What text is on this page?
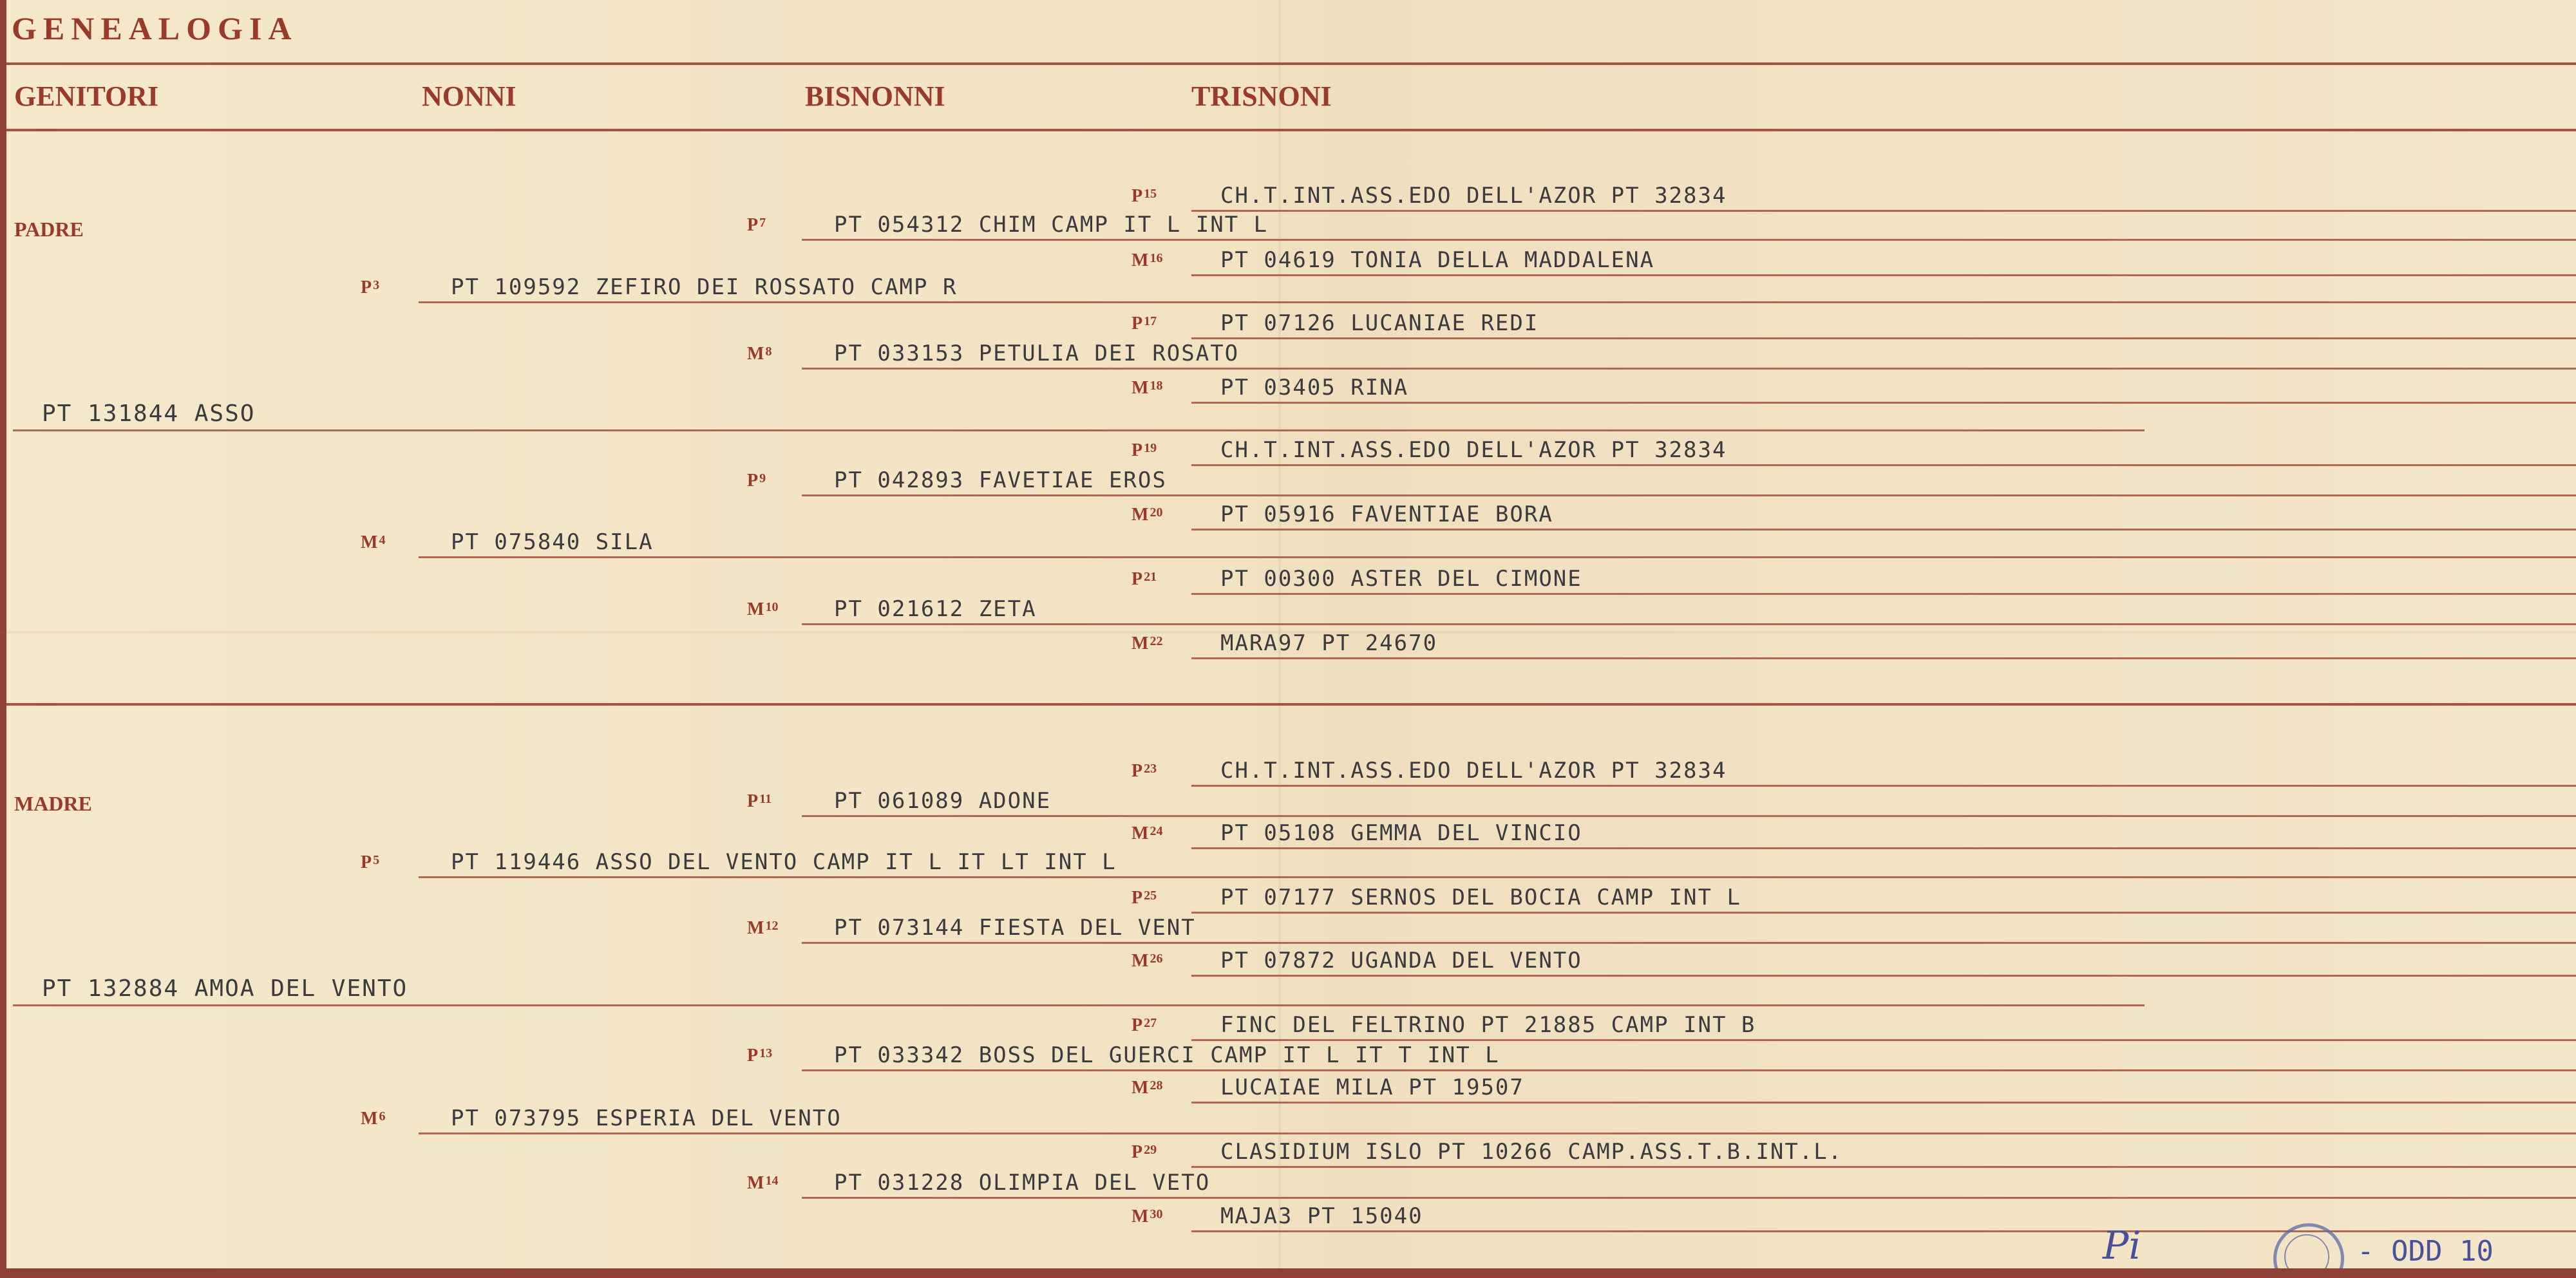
GENEALOGIA
GENITORI	NONNI	BISNONNI	TRISNONI
PADRE
MADRE
PT 131844 ASSO
PT 132884 AMOA DEL VENTO
P $^3$	PT 109592 ZEFIRO DEI ROSSATO CAMP R
M $^4$	PT 075840 SILA
P $^5$	PT 119446 ASSO DEL VENTO CAMP IT L IT LT INT L
M $^6$	PT 073795 ESPERIA DEL VENTO
P $^7$	PT 054312 CHIM CAMP IT L INT L
M $^8$	PT 033153 PETULIA DEI ROSATO
P $^9$	PT 042893 FAVETIAE EROS
M $^{10}$	PT 021612 ZETA
P $^{11}$	PT 061089 ADONE
M $^{12}$	PT 073144 FIESTA DEL VENT
P $^{13}$	PT 033342 BOSS DEL GUERCI CAMP IT L IT T INT L
M $^{14}$	PT 031228 OLIMPIA DEL VETO
P $^{15}$	CH.T.INT.ASS.EDO DELL'AZOR PT 32834
M $^{16}$	PT 04619 TONIA DELLA MADDALENA
P $^{17}$	PT 07126 LUCANIAE REDI
M $^{18}$	PT 03405 RINA
P $^{19}$	CH.T.INT.ASS.EDO DELL'AZOR PT 32834
M $^{20}$	PT 05916 FAVENTIAE BORA
P $^{21}$	PT 00300 ASTER DEL CIMONE
M $^{22}$	MARA97 PT 24670
P $^{23}$	CH.T.INT.ASS.EDO DELL'AZOR PT 32834
M $^{24}$	PT 05108 GEMMA DEL VINCIO
P $^{25}$	PT 07177 SERNOS DEL BOCIA CAMP INT L
M $^{26}$	PT 07872 UGANDA DEL VENTO
P $^{27}$	FINC DEL FELTRINO PT 21885 CAMP INT B
M $^{28}$	LUCAIAE MILA PT 19507
P $^{29}$	CLASIDIUM ISLO PT 10266 CAMP.ASS.T.B.INT.L.
M $^{30}$	MAJA3 PT 15040
Pi	- ODD 10
